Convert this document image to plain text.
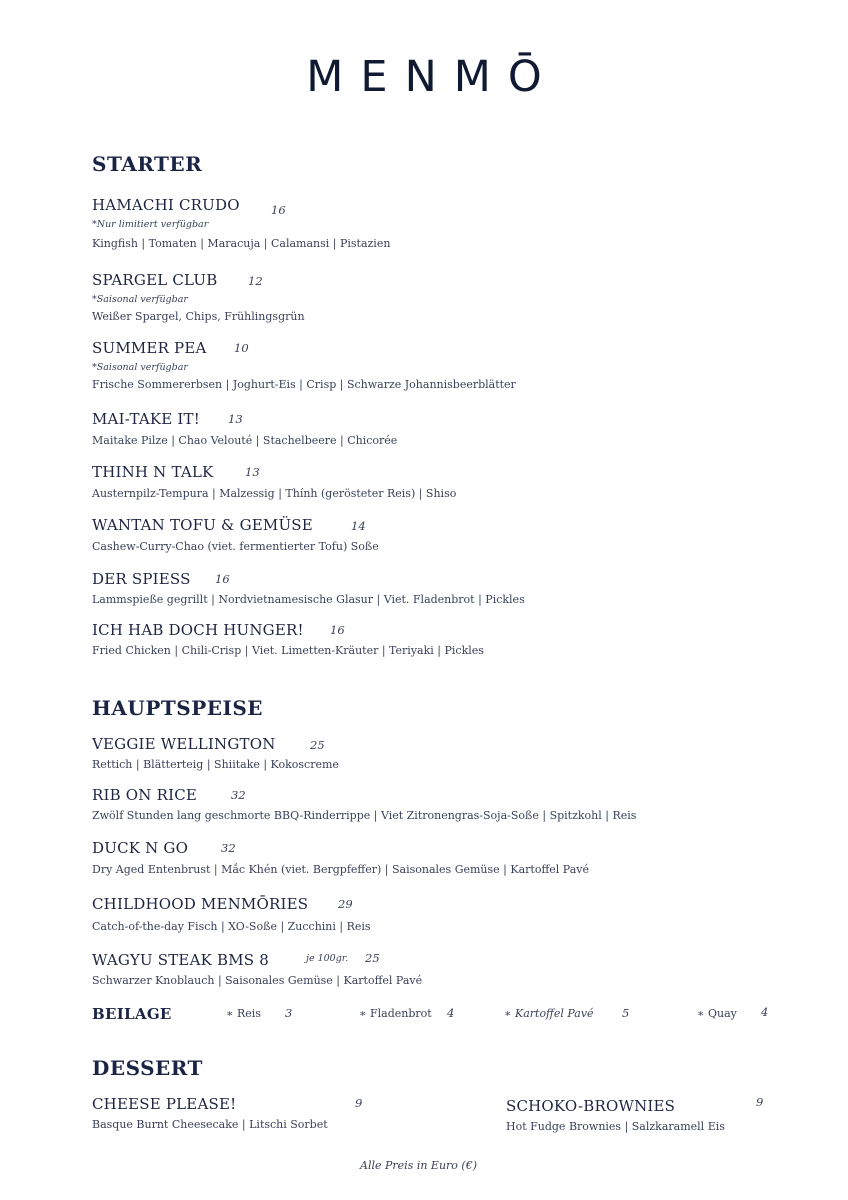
MENMŌ
STARTER
HAMACHI CRUDO	16
*Nur limitiert verfügbar
Kingfish | Tomaten | Maracuja | Calamansi | Pistazien
SPARGEL CLUB	12
*Saisonal verfügbar
Weißer Spargel, Chips, Frühlingsgrün
SUMMER PEA 10
*Saisonal verfügbar
Frische Sommererbsen | Joghurt-Eis | Crisp | Schwarze Johannisbeerblätter
MAI-TAKE IT! 13
Maitake Pilze | Chao Velouté | Stachelbeere | Chicorée
THINH N TALK	13
Austernpilz-Tempura | Malzessig | Thính (gerösteter Reis) | Shiso
WANTAN TOFU & GEMÜSE	14
Cashew-Curry-Chao (viet. fermentierter Tofu) Soße
DER SPIESS 16
Lammspieße gegrillt | Nordvietnamesische Glasur | Viet. Fladenbrot | Pickles
ICH HAB DOCH HUNGER! 16
Fried Chicken | Chili-Crisp | Viet. Limetten-Kräuter | Teriyaki | Pickles
HAUPTSPEISE
VEGGIE WELLINGTON	25
Rettich | Blätterteig | Shiitake | Kokoscreme
RIB ON RICE	32
Zwölf Stunden lang geschmorte BBQ-Rinderrippe | Viet Zitronengras-Soja-Soße | Spitzkohl | Reis
DUCK N GO	32
Dry Aged Entenbrust | Mắc Khén (viet. Bergpfeffer) | Saisonales Gemüse | Kartoffel Pavé
CHILDHOOD MENMŌRIES	29
Catch-of-the-day Fisch | XO-Soße | Zucchini | Reis
WAGYU STEAK BMS 8	je 100gr. 25
Schwarzer Knoblauch | Saisonales Gemüse | Kartoffel Pavé
BEILAGE	∗ Reis 3	∗ Fladenbrot 4	∗ Kartoffel Pavé 5	∗ Quay 4
DESSERT
CHEESE PLEASE!	9
Basque Burnt Cheesecake | Litschi Sorbet
SCHOKO-BROWNIES	9
Hot Fudge Brownies | Salzkaramell Eis
Alle Preis in Euro (€)
